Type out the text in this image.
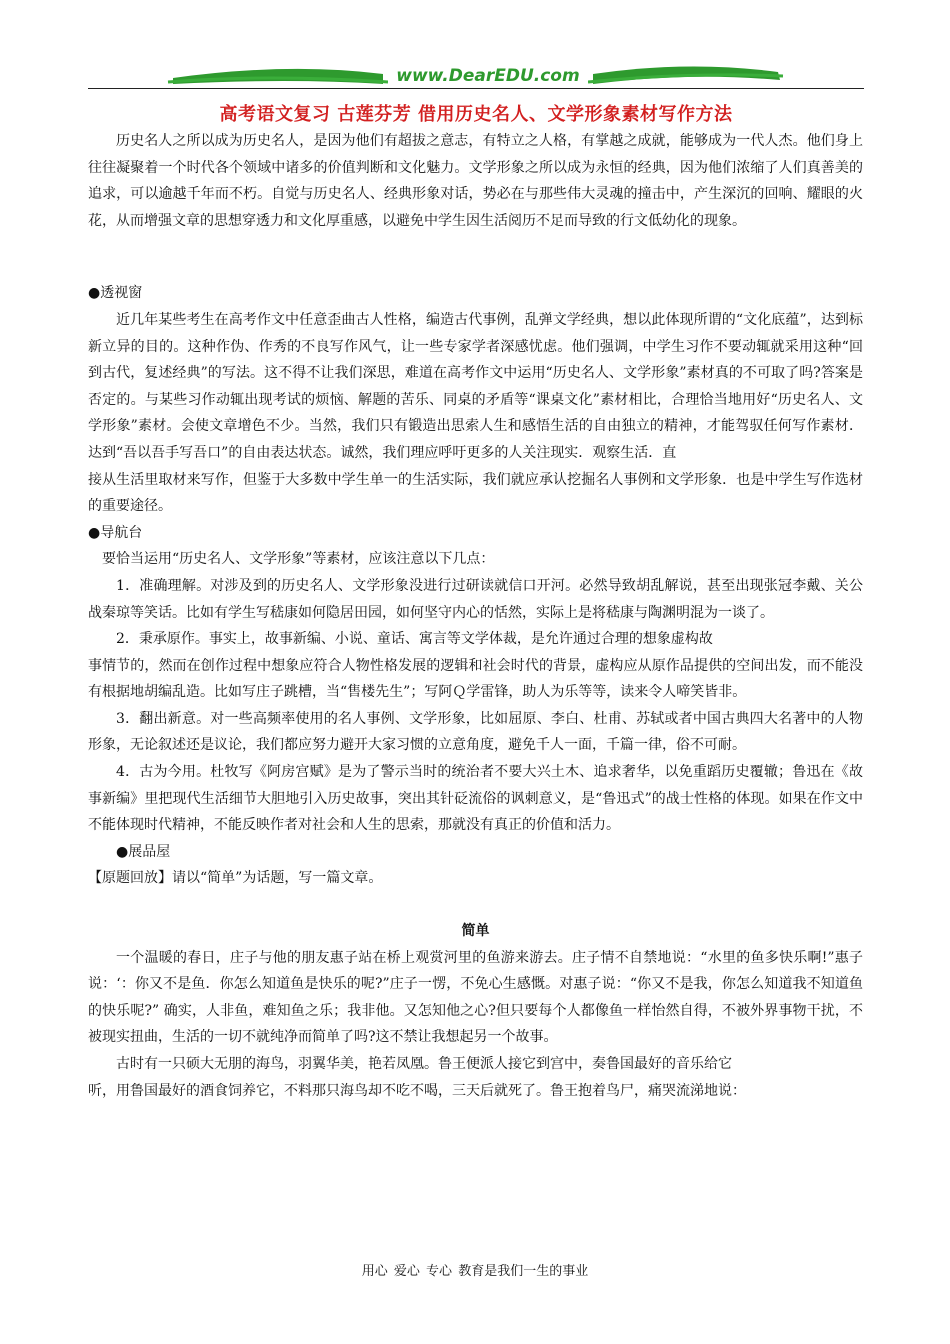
www.DearEDU.com
高考语文复习 古莲芬芳 借用历史名人、文学形象素材写作方法

历史名人之所以成为历史名人，是因为他们有超拔之意志，有特立之人格，有掌越之成就，能够成为一代人杰。他们身上往往凝聚着一个时代各个领域中诸多的价值判断和文化魅力。文学形象之所以成为永恒的经典，因为他们浓缩了人们真善美的追求，可以逾越千年而不朽。自觉与历史名人、经典形象对话，势必在与那些伟大灵魂的撞击中，产生深沉的回响、耀眼的火花，从而增强文章的思想穿透力和文化厚重感，以避免中学生因生活阅历不足而导致的行文低幼化的现象。

●透视窗

近几年某些考生在高考作文中任意歪曲古人性格，编造古代事例，乱弹文学经典，想以此体现所谓的“文化底蕴”，达到标新立异的目的。这种作伪、作秀的不良写作风气，让一些专家学者深感忧虑。他们强调，中学生习作不要动辄就采用这种“回到古代，复述经典”的写法。这不得不让我们深思，难道在高考作文中运用“历史名人、文学形象”素材真的不可取了吗?答案是否定的。与某些习作动辄出现考试的烦恼、解题的苦乐、同桌的矛盾等“课桌文化”素材相比，合理恰当地用好“历史名人、文学形象”素材。会使文章增色不少。当然，我们只有锻造出思索人生和感悟生活的自由独立的精神，才能驾驭任何写作素材．达到“吾以吾手写吾口”的自由表达状态。诚然，我们理应呼吁更多的人关注现实．观察生活．直

接从生活里取材来写作，但鉴于大多数中学生单一的生活实际，我们就应承认挖掘名人事例和文学形象．也是中学生写作选材的重要途径。

●导航台

要恰当运用“历史名人、文学形象”等素材，应该注意以下几点：

1．准确理解。对涉及到的历史名人、文学形象没进行过研读就信口开河。必然导致胡乱解说，甚至出现张冠李戴、关公战秦琼等笑话。比如有学生写嵇康如何隐居田园，如何坚守内心的恬然，实际上是将嵇康与陶渊明混为一谈了。

2．秉承原作。事实上，故事新编、小说、童话、寓言等文学体裁，是允许通过合理的想象虚构故

事情节的，然而在创作过程中想象应符合人物性格发展的逻辑和社会时代的背景，虚构应从原作品提供的空间出发，而不能没有根据地胡编乱造。比如写庄子跳槽，当“售楼先生”；写阿Ｑ学雷锋，助人为乐等等，读来令人啼笑皆非。

3．翻出新意。对一些高频率使用的名人事例、文学形象，比如屈原、李白、杜甫、苏轼或者中国古典四大名著中的人物形象，无论叙述还是议论，我们都应努力避开大家习惯的立意角度，避免千人一面，千篇一律，俗不可耐。

4．古为今用。杜牧写《阿房宫赋》是为了警示当时的统治者不要大兴土木、追求奢华，以免重蹈历史覆辙；鲁迅在《故事新编》里把现代生活细节大胆地引入历史故事，突出其针砭流俗的讽刺意义，是“鲁迅式”的战士性格的体现。如果在作文中不能体现时代精神，不能反映作者对社会和人生的思索，那就没有真正的价值和活力。

●展品屋

【原题回放】请以“简单”为话题，写一篇文章。

简单

一个温暖的春日，庄子与他的朋友惠子站在桥上观赏河里的鱼游来游去。庄子情不自禁地说：“水里的鱼多快乐啊!”惠子说：‘：你又不是鱼．你怎么知道鱼是快乐的呢?”庄子一愣，不免心生感慨。对惠子说：“你又不是我，你怎么知道我不知道鱼的快乐呢?” 确实，人非鱼，难知鱼之乐；我非他。又怎知他之心?但只要每个人都像鱼一样怡然自得，不被外界事物干扰，不被现实扭曲，生活的一切不就纯净而简单了吗?这不禁让我想起另一个故事。

古时有一只硕大无朋的海鸟，羽翼华美，艳若凤凰。鲁王便派人接它到宫中，奏鲁国最好的音乐给它

听，用鲁国最好的酒食饲养它，不料那只海鸟却不吃不喝，三天后就死了。鲁王抱着鸟尸，痛哭流涕地说：

用心 爱心 专心 教育是我们一生的事业
